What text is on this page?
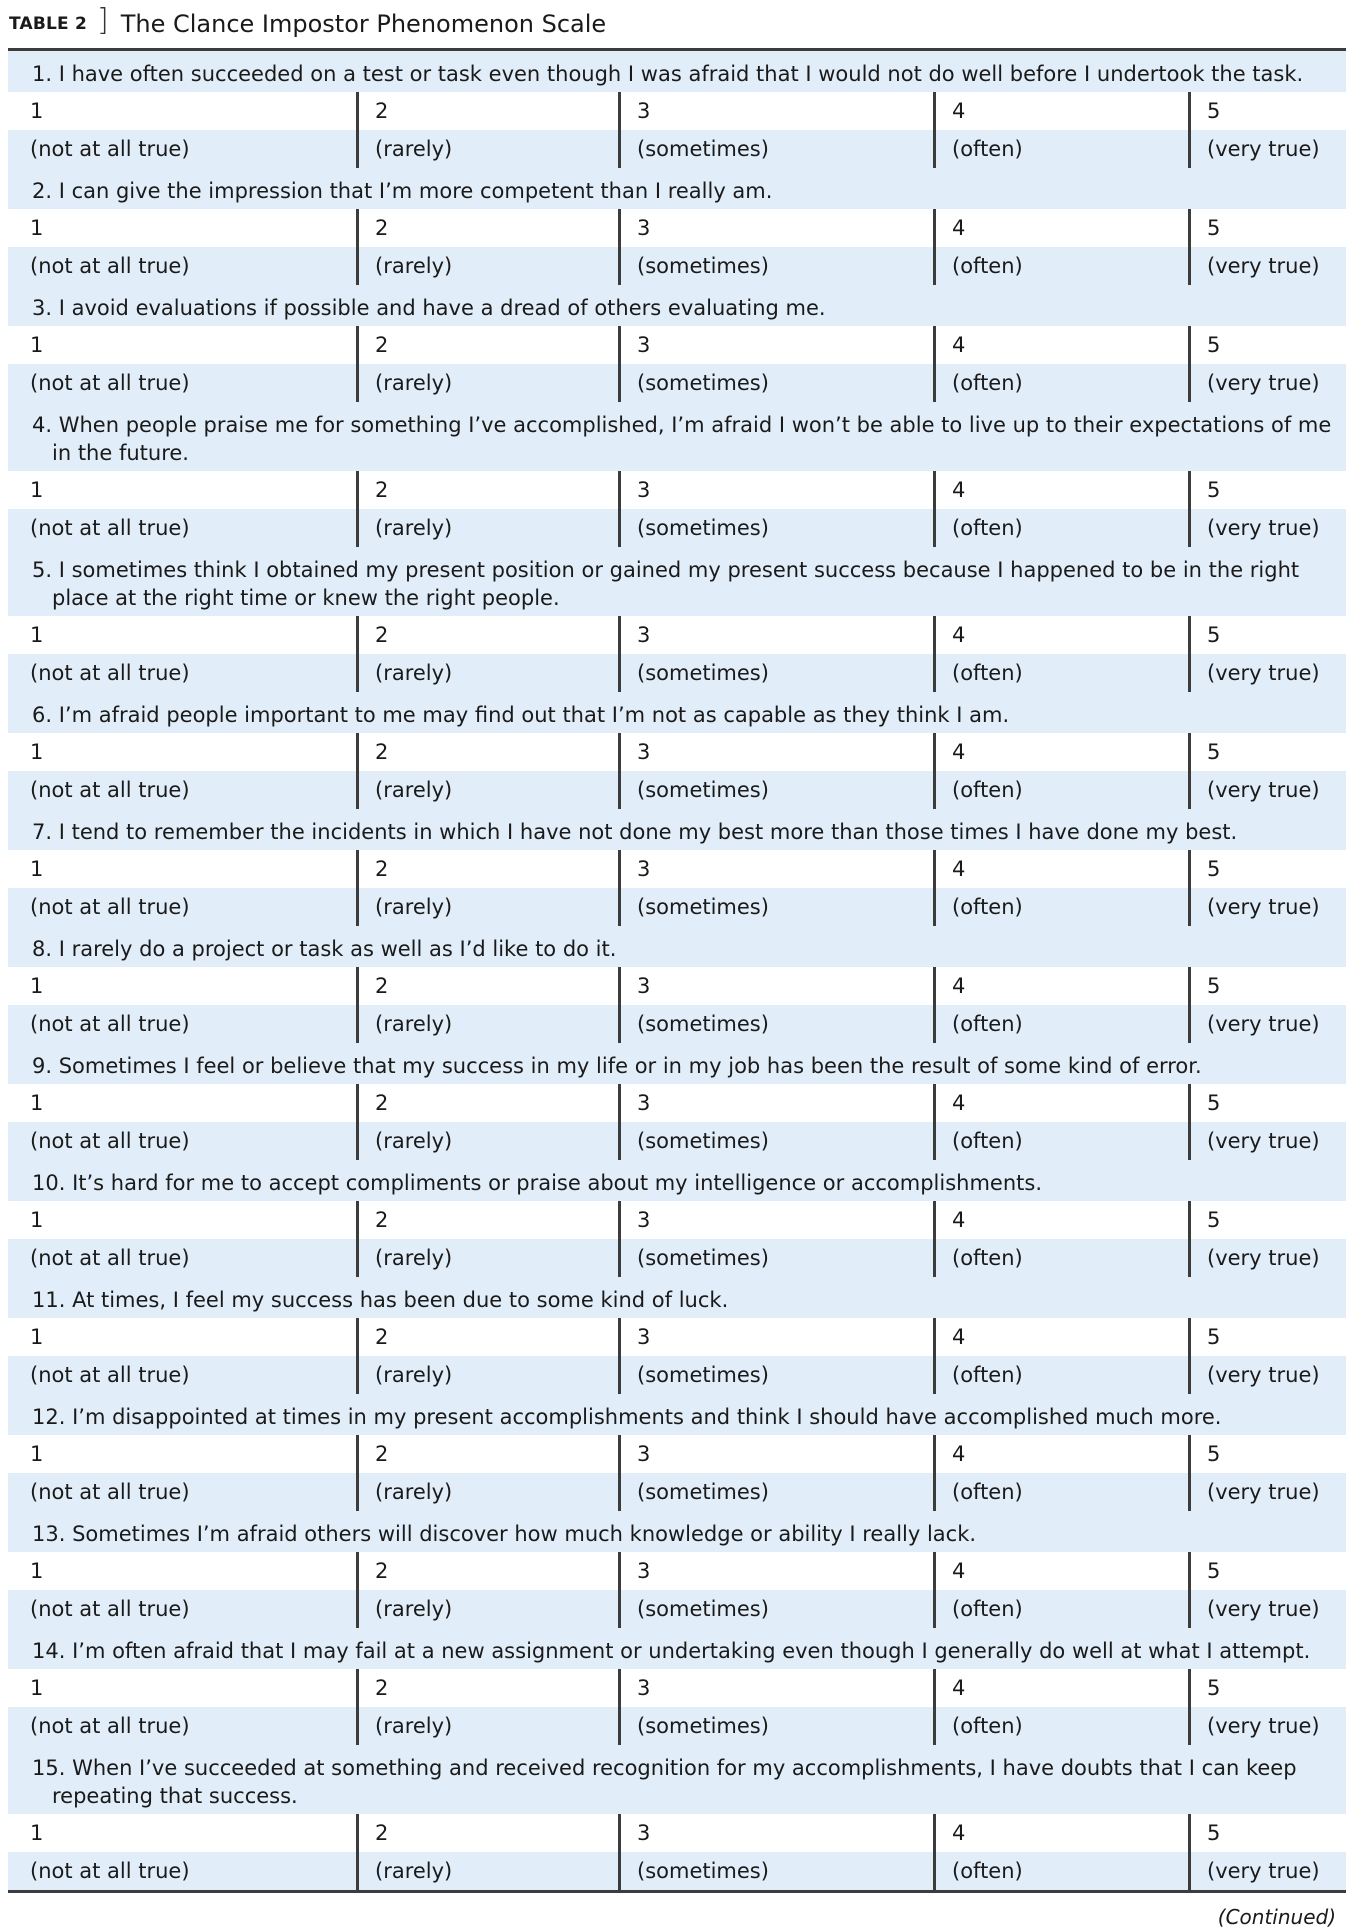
TABLE 2 ] The Clance Impostor Phenomenon Scale
1. I have often succeeded on a test or task even though I was afraid that I would not do well before I undertook the task.
1	2	3	4	5
(not at all true)	(rarely)	(sometimes)	(often)	(very true)
2. I can give the impression that I’m more competent than I really am.
1	2	3	4	5
(not at all true)	(rarely)	(sometimes)	(often)	(very true)
3. I avoid evaluations if possible and have a dread of others evaluating me.
1	2	3	4	5
(not at all true)	(rarely)	(sometimes)	(often)	(very true)
4. When people praise me for something I’ve accomplished, I’m afraid I won’t be able to live up to their expectations of me in the future.
1	2	3	4	5
(not at all true)	(rarely)	(sometimes)	(often)	(very true)
5. I sometimes think I obtained my present position or gained my present success because I happened to be in the right place at the right time or knew the right people.
1	2	3	4	5
(not at all true)	(rarely)	(sometimes)	(often)	(very true)
6. I’m afraid people important to me may find out that I’m not as capable as they think I am.
1	2	3	4	5
(not at all true)	(rarely)	(sometimes)	(often)	(very true)
7. I tend to remember the incidents in which I have not done my best more than those times I have done my best.
1	2	3	4	5
(not at all true)	(rarely)	(sometimes)	(often)	(very true)
8. I rarely do a project or task as well as I’d like to do it.
1	2	3	4	5
(not at all true)	(rarely)	(sometimes)	(often)	(very true)
9. Sometimes I feel or believe that my success in my life or in my job has been the result of some kind of error.
1	2	3	4	5
(not at all true)	(rarely)	(sometimes)	(often)	(very true)
10. It’s hard for me to accept compliments or praise about my intelligence or accomplishments.
1	2	3	4	5
(not at all true)	(rarely)	(sometimes)	(often)	(very true)
11. At times, I feel my success has been due to some kind of luck.
1	2	3	4	5
(not at all true)	(rarely)	(sometimes)	(often)	(very true)
12. I’m disappointed at times in my present accomplishments and think I should have accomplished much more.
1	2	3	4	5
(not at all true)	(rarely)	(sometimes)	(often)	(very true)
13. Sometimes I’m afraid others will discover how much knowledge or ability I really lack.
1	2	3	4	5
(not at all true)	(rarely)	(sometimes)	(often)	(very true)
14. I’m often afraid that I may fail at a new assignment or undertaking even though I generally do well at what I attempt.
1	2	3	4	5
(not at all true)	(rarely)	(sometimes)	(often)	(very true)
15. When I’ve succeeded at something and received recognition for my accomplishments, I have doubts that I can keep repeating that success.
1	2	3	4	5
(not at all true)	(rarely)	(sometimes)	(often)	(very true)
(Continued)
